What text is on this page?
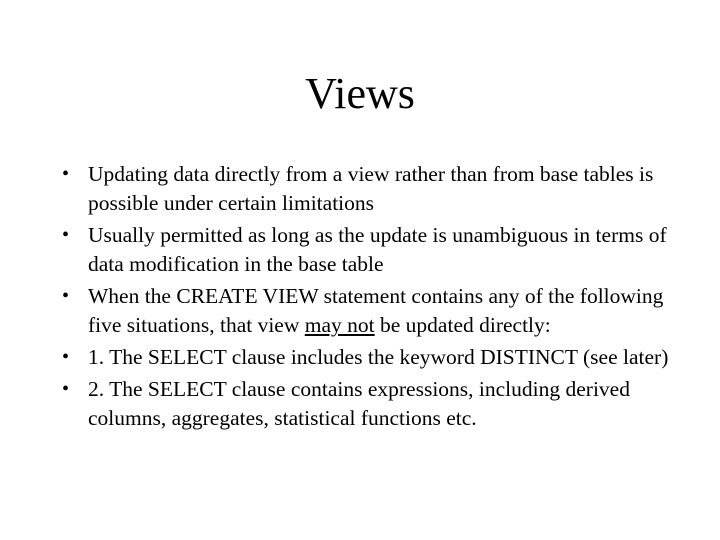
Views
• Updating data directly from a view rather than from base tables is possible under certain limitations
• Usually permitted as long as the update is unambiguous in terms of data modification in the base table
• When the CREATE VIEW statement contains any of the following five situations, that view may not be updated directly:
• 1. The SELECT clause includes the keyword DISTINCT (see later)
• 2. The SELECT clause contains expressions, including derived columns, aggregates, statistical functions etc.
